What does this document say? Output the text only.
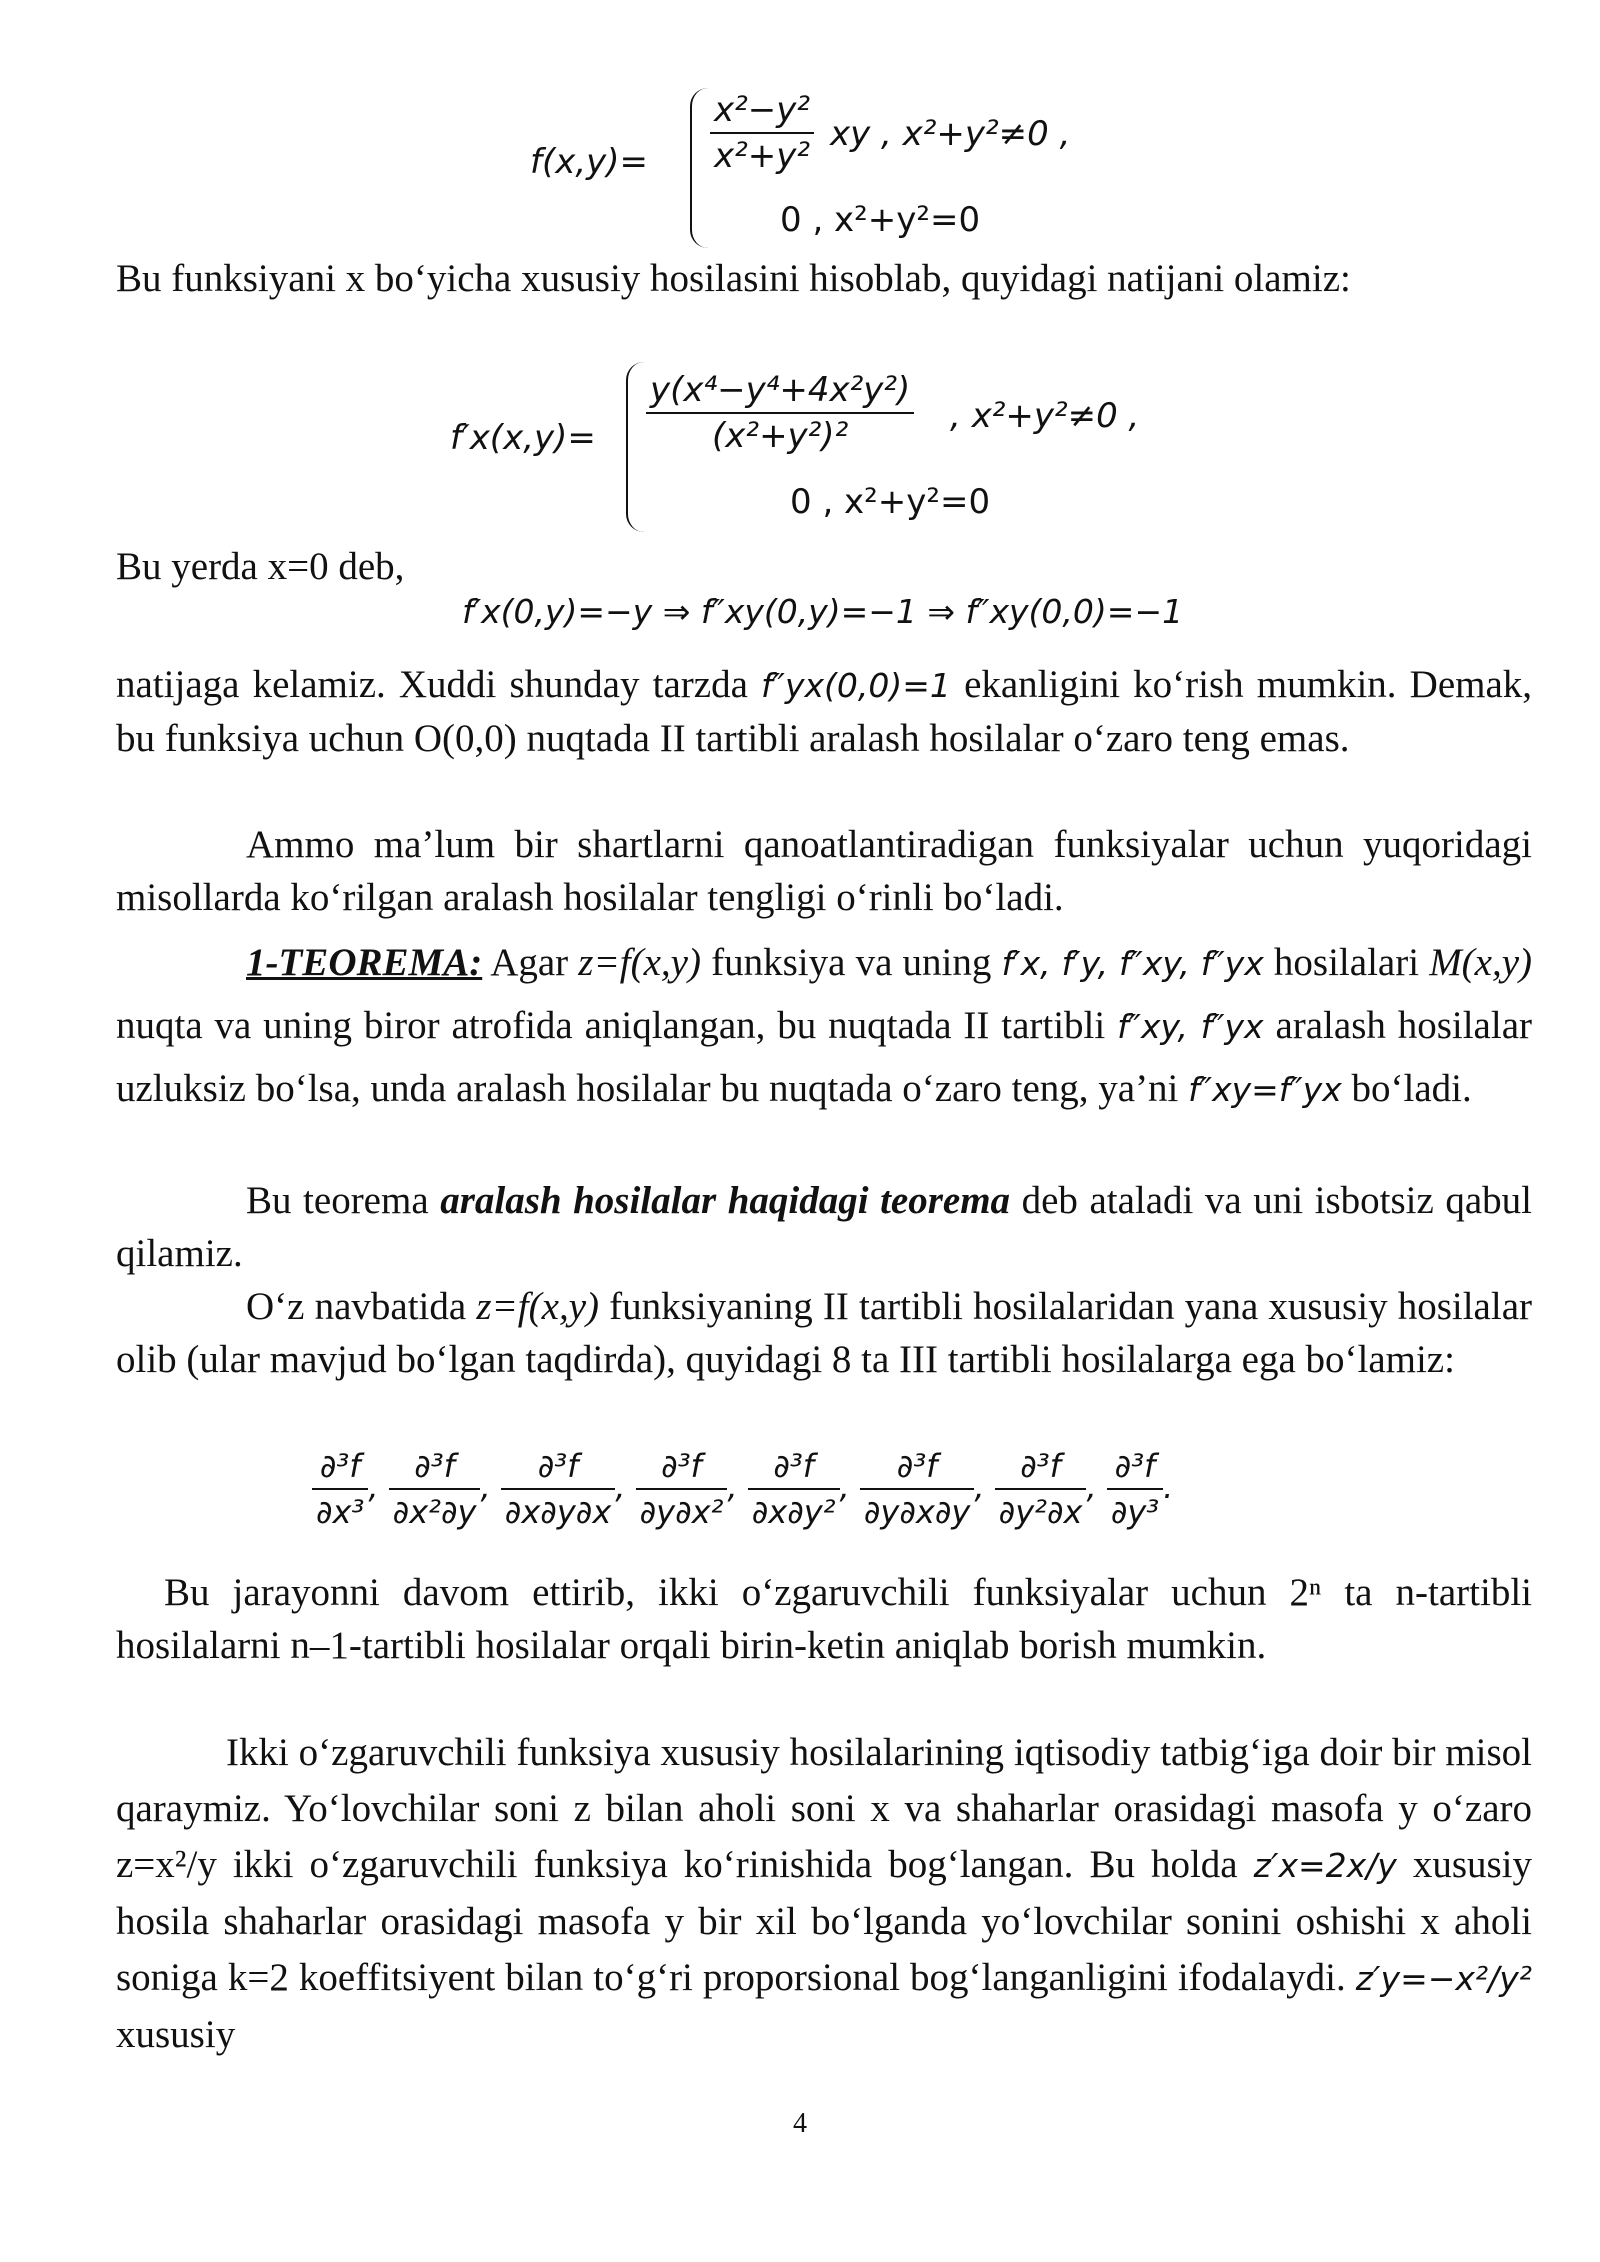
$f(x,y)= \frac{\text{x²−y²}}{\text{x²+y²}}$ xy , x²+y²≠0 ,
0 , x²+y²=0

Bu funksiyani x bo‘yicha xususiy hosilasini hisoblab, quyidagi natijani olamiz:

$f'x(x,y)= \frac{\text{y(x⁴−y⁴+4x²y²)}}{\text{(x²+y²)²}}$ , x²+y²≠0 ,
0 , x²+y²=0

Bu yerda x=0 deb,

f′x(0,y)=−y ⇒ f″xy(0,y)=−1 ⇒ f″xy(0,0)=−1

natijaga kelamiz. Xuddi shunday tarzda f″yx(0,0)=1 ekanligini ko‘rish mumkin. Demak, bu funksiya uchun O(0,0) nuqtada II tartibli aralash hosilalar o‘zaro teng emas.

Ammo ma’lum bir shartlarni qanoatlantiradigan funksiyalar uchun yuqoridagi misollarda ko‘rilgan aralash hosilalar tengligi o‘rinli bo‘ladi.

1-TEOREMA: Agar z=f(x,y) funksiya va uning f′x, f′y, f″xy, f″yx hosilalari M(x,y) nuqta va uning biror atrofida aniqlangan, bu nuqtada II tartibli f″xy, f″yx aralash hosilalar uzluksiz bo‘lsa, unda aralash hosilalar bu nuqtada o‘zaro teng, ya’ni f″xy=f″yx bo‘ladi.

Bu teorema aralash hosilalar haqidagi teorema deb ataladi va uni isbotsiz qabul qilamiz.

O‘z navbatida z=f(x,y) funksiyaning II tartibli hosilalaridan yana xususiy hosilalar olib (ular mavjud bo‘lgan taqdirda), quyidagi 8 ta III tartibli hosilalarga ega bo‘lamiz:

$\frac{\text{∂³f}}{\text{∂x³}}$ , $\frac{\text{∂³f}}{\text{∂x²∂y}}$ , $\frac{\text{∂³f}}{\partial x\partial y\partial x}$ , $\frac{\text{∂³f}}{\text{∂y∂x²}}$ , $\frac{\text{∂³f}}{\text{∂x∂y²}}$ , $\frac{\text{∂³f}}{\partial y\partial x\partial y}$ , $\frac{\text{∂³f}}{\text{∂y²∂x}}$ , $\frac{\text{∂³f}}{\text{∂y³}}$ .

Bu jarayonni davom ettirib, ikki o‘zgaruvchili funksiyalar uchun 2ⁿ ta n-tartibli hosilalarni n–1-tartibli hosilalar orqali birin-ketin aniqlab borish mumkin.

Ikki o‘zgaruvchili funksiya xususiy hosilalarining iqtisodiy tatbig‘iga doir bir misol qaraymiz. Yo‘lovchilar soni z bilan aholi soni x va shaharlar orasidagi masofa y o‘zaro z=x²/y ikki o‘zgaruvchili funksiya ko‘rinishida bog‘langan. Bu holda z′x=2x/y xususiy hosila shaharlar orasidagi masofa y bir xil bo‘lganda yo‘lovchilar sonini oshishi x aholi soniga k=2 koeffitsiyent bilan to‘g‘ri proporsional bog‘langanligini ifodalaydi. z′y=−x²/y² xususiy

4
